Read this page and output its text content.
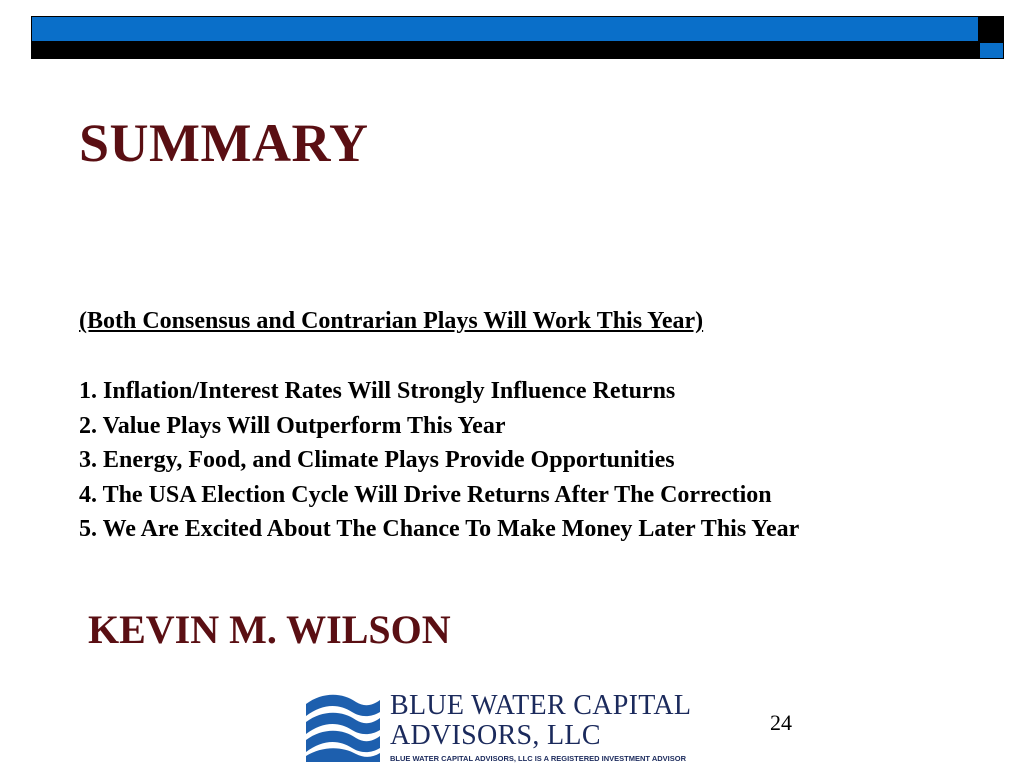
SUMMARY

(Both Consensus and Contrarian Plays Will Work This Year)

1. Inflation/Interest Rates Will Strongly Influence Returns
2. Value Plays Will Outperform This Year
3. Energy, Food, and Climate Plays Provide Opportunities
4. The USA Election Cycle Will Drive Returns After The Correction
5. We Are Excited About The Chance To Make Money Later This Year

KEVIN M. WILSON

BLUE WATER CAPITAL
ADVISORS, LLC
BLUE WATER CAPITAL ADVISORS, LLC IS A REGISTERED INVESTMENT ADVISOR
24
